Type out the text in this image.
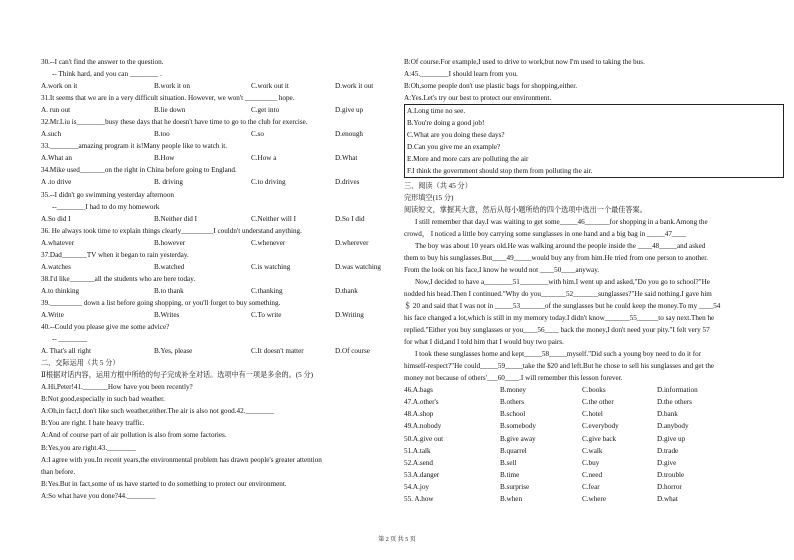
30.--I can't find the answer to the question.
-- Think hard, and you can ________ .
A.work on it	B.work it on	C.work out it	D.work it out
31.It seems that we are in a very difficult situation. However, we won't _________ hope.
A. run out	B.lie down	C.get into	D.give up
32.Mr.Liu is________busy these days that he doesn't have time to go to the club for exercise.
A.such	B.too	C.so	D.enough
33.________amazing program it is!Many people like to watch it.
A.What an	B.How	C.How a	D.What
34.Mike used_______on the right in China before going to England.
A .to drive	B. driving	C.to driving	D.drives
35.--I didn't go swimming yesterday afternoon
--________I had to do my homework
A.So did I	B.Neither did I	C.Neither will I	D.So I did
36. He always took time to explain things clearly_________I couldn't understand anything.
A.whatever	B.however	C.whenever	D.wherever
37.Dad_______TV when it began to rain yesterday.
A.watches	B.watched	C.is watching	D.was watching
38.I'd like_______all the students who are here today.
A.to thinking	B.to thank	C.thanking	D.thank
39._________ down a list before going shopping, or you'll forget to buy something.
A.Write	B.Writes	C.To write	D.Writing
40.--Could you please give me some advice?
-- ________
A. That's all right	B.Yes, please	C.It doesn't matter	D.Of course
二、交际运用（共 5 分）
Ⅱ根据对话内容，运用方框中所给的句子完成补全对话。选项中有一项是多余的。(5 分)
A.Hi,Peter!41._______How have you been recently?
B:Not good,especially in such bad weather.
A:Oh,in fact,I don't like such weather,either.The air is also not good.42.________
B:You are right. I hate heavy traffic.
A:And of course part of air pollution is also from some factories.
B:Yes,you are right.43.________
A:I agree with you.In recent years,the environmental problem has drawn people's greater attention
than before.
B:Yes.But in fact,some of us have started to do something to protect our environment.
A:So what have you done?44.________
B:Of course.For example,I used to drive to work,but now I'm used to taking the bus.
A:45.________I should learn from you.
B:Oh,some people don't use plastic bags for shopping,either.
A:Yes.Let's try our best to protect our environment.
A.Long time no see.
B.You're doing a good job!
C.What are you doing these days?
D.Can you give me an example?
E.More and more cars are polluting the air
F.I think the government should stop them from polluting the air.
三、阅读（共 45 分）
完形填空(15 分)
阅读短文，掌握其大意，然后从每小题所给的四个选项中选出一个最佳答案。
I still remember that day.I was waiting to get some_____46_______for shopping in a bank.Among the
crowd， I noticed a little boy carrying some sunglasses in one hand and a big bag in _____47____
The boy was about 10 years old.He was walking around the people inside the ____48_____and asked
them to buy his sunglasses.But____49_____would buy any from him.He tried from one person to another.
From the look on his face,I know he would not ____50____anyway.
Now,I decided to have a________51________with him.I went up and asked,"Do you go to school?"He
nodded his head.Then I continued."Why do you_______52_______sunglasses?"He said nothing.I gave him
＄ 20 and said that I was not in _____53_______of the sunglasses but he could keep the money.To my ____54
his face changed a lot,which is still in my memory today.I didn't know_______55______to say next.Then he
replied."Either you buy sunglasses or you____56____ back the money,I don't need your pity."I felt very 57
for what I did,and I told him that I would buy two pairs.
I took these sunglasses home and kept_____58_____myself."Did such a young boy need to do it for
himself-respect?"He could_____59_____take the $20 and left.But he chose to sell his sunglasses and get the
money not because of others'___60____.I will remember this lesson forever.
46.A.bags	B.money	C.books	D.information
47.A.other's	B.others	C.the other	D.the others
48.A.shop	B.school	C.hotel	D.bank
49.A.nobody	B.somebody	C.everybody	D.anybody
50.A.give out	B.give away	C.give back	D.give up
51.A.talk	B.quarrel	C.walk	D.trade
52.A.send	B.sell	C.buy	D.give
53.A.danger	B.time	C.need	D.trouble
54.A.joy	B.surprise	C.fear	D.horror
55. A.how	B.when	C.where	D.what
第 2 页 共 5 页
